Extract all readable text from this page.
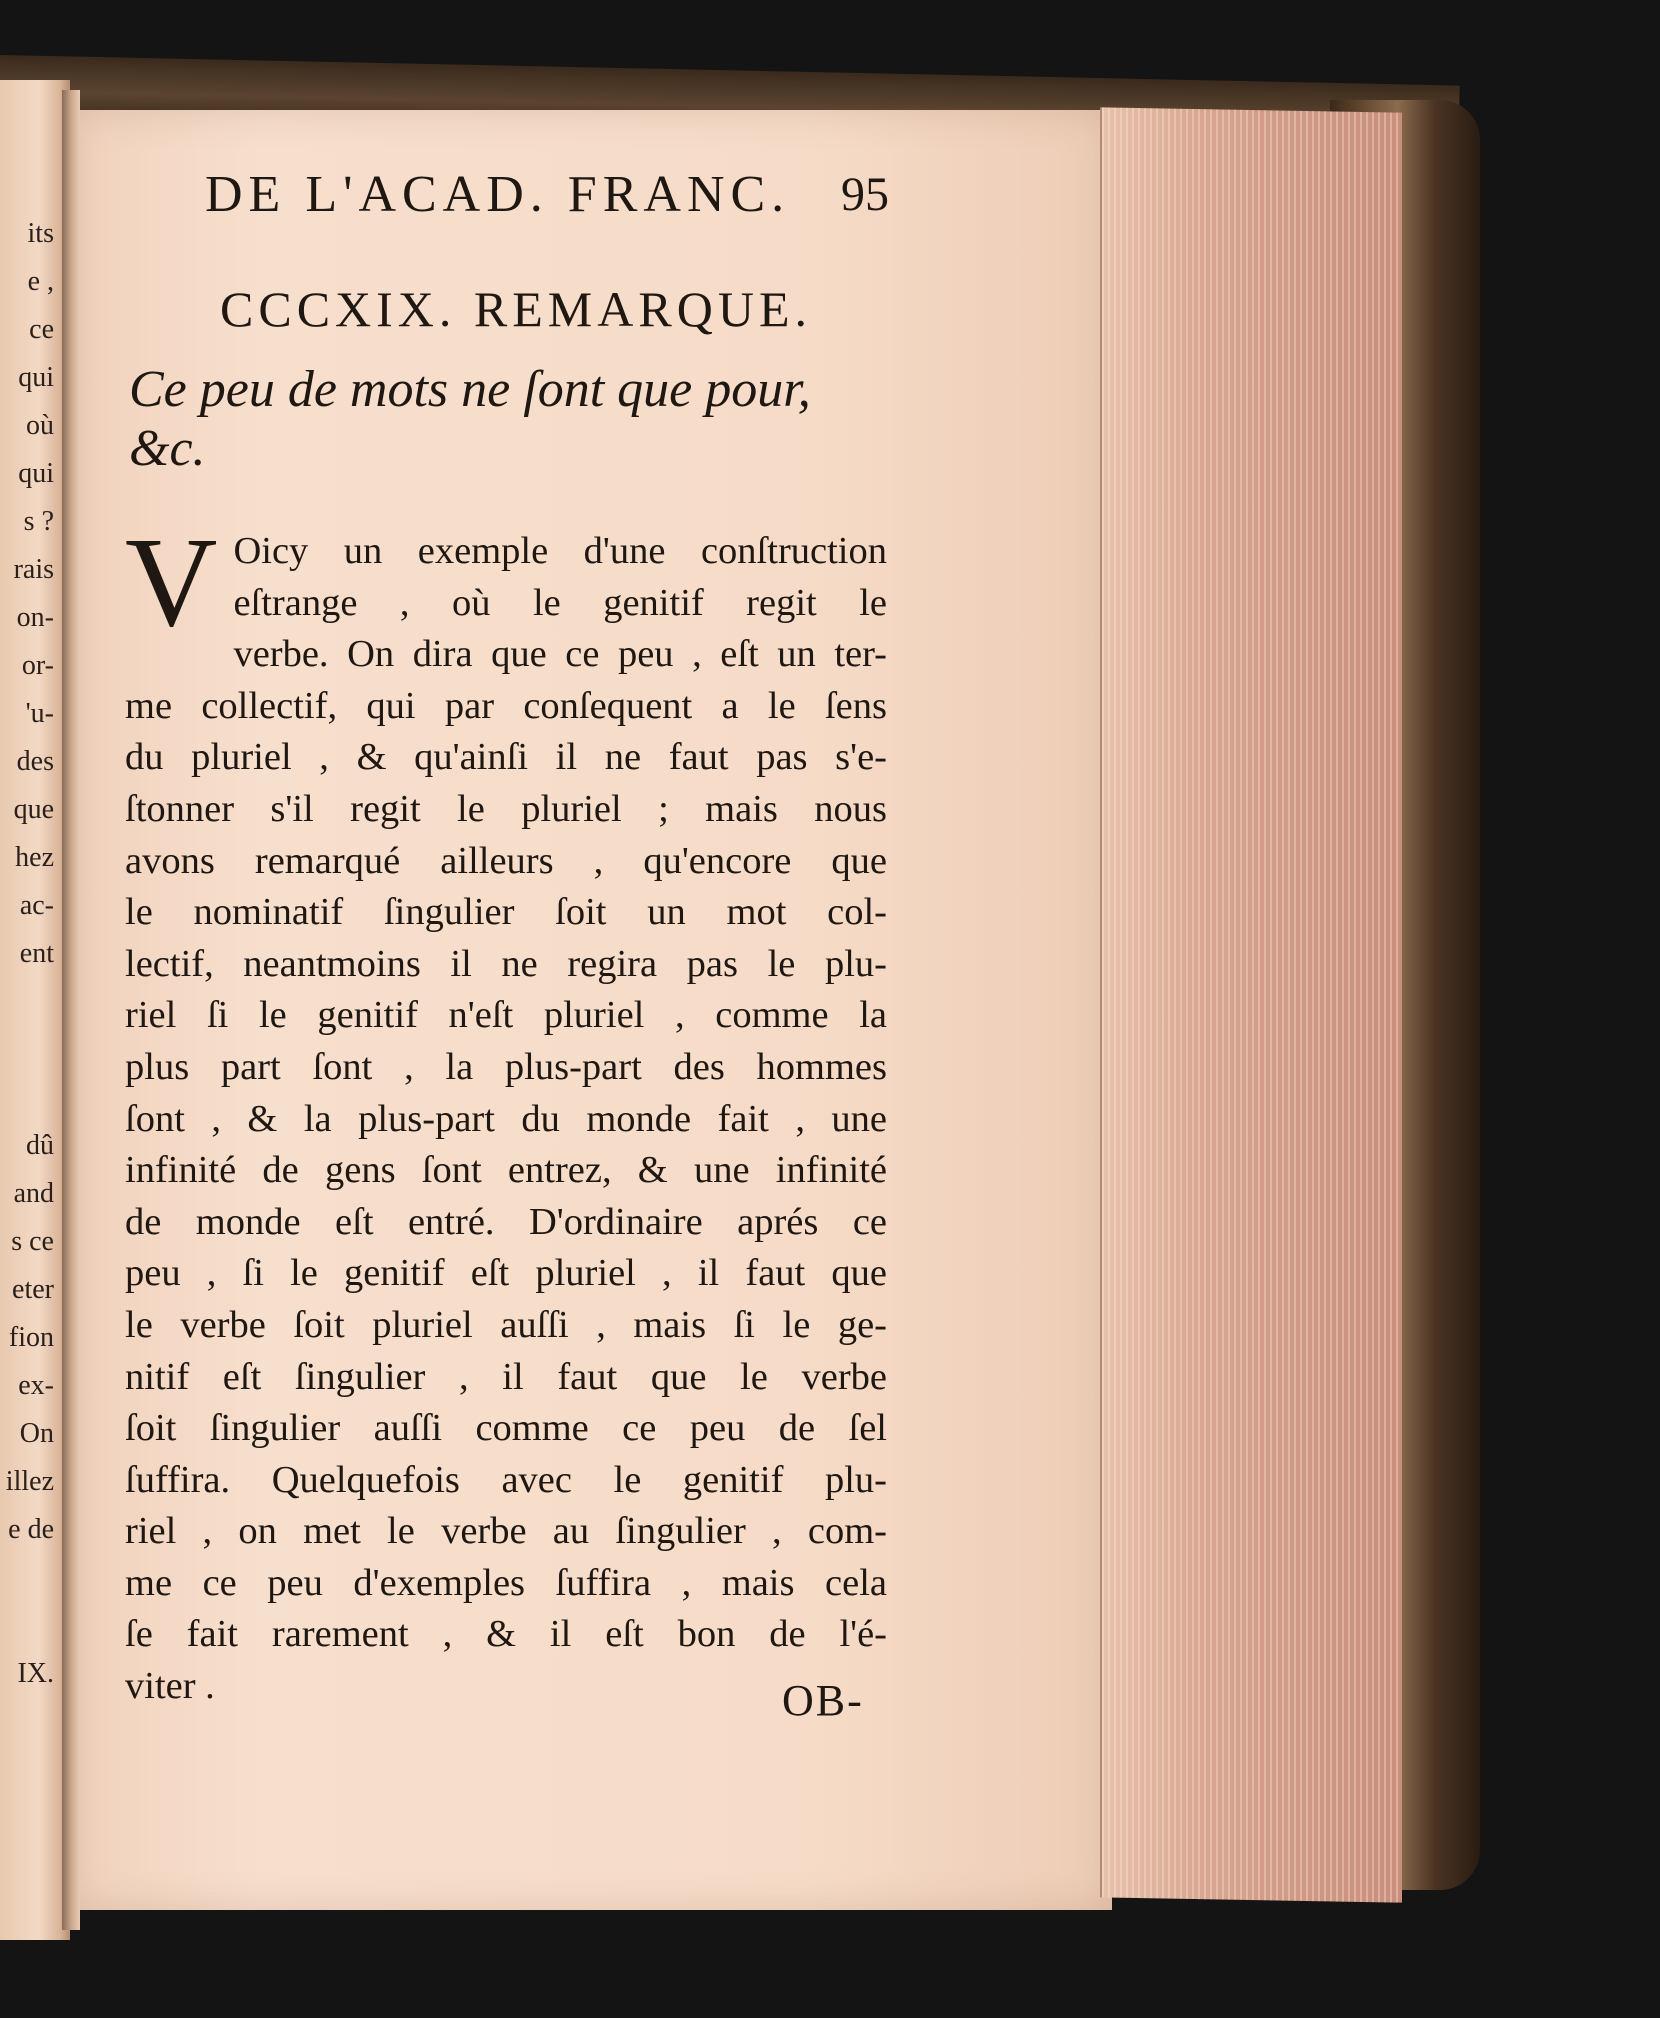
its
e ,
ce
qui
où
qui
s ?
rais
on-
or-
'u-
des
que
hez
ac-
ent

dû
and
s ce
eter
fion
ex-
On
illez
e de

IX.
DE L'ACAD. FRANC. 95
CCCXIX. REMARQUE.
Ce peu de mots ne ſont que pour, &c.
V Oicy un exemple d'une conſtruction
eſtrange , où le genitif regit le
verbe. On dira que ce peu , eſt un ter-
me collectif, qui par conſequent a le ſens
du pluriel , & qu'ainſi il ne faut pas s'e-
ſtonner s'il regit le pluriel ; mais nous
avons remarqué ailleurs , qu'encore que
le nominatif ſingulier ſoit un mot col-
lectif, neantmoins il ne regira pas le plu-
riel ſi le genitif n'eſt pluriel , comme la
plus part ſont , la plus-part des hommes
ſont , & la plus-part du monde fait , une
infinité de gens ſont entrez, & une infinité
de monde eſt entré. D'ordinaire aprés ce
peu , ſi le genitif eſt pluriel , il faut que
le verbe ſoit pluriel auſſi , mais ſi le ge-
nitif eſt ſingulier , il faut que le verbe
ſoit ſingulier auſſi comme ce peu de ſel
ſuffira. Quelquefois avec le genitif plu-
riel , on met le verbe au ſingulier , com-
me ce peu d'exemples ſuffira , mais cela
ſe fait rarement , & il eſt bon de l'é-
viter .	OB-
